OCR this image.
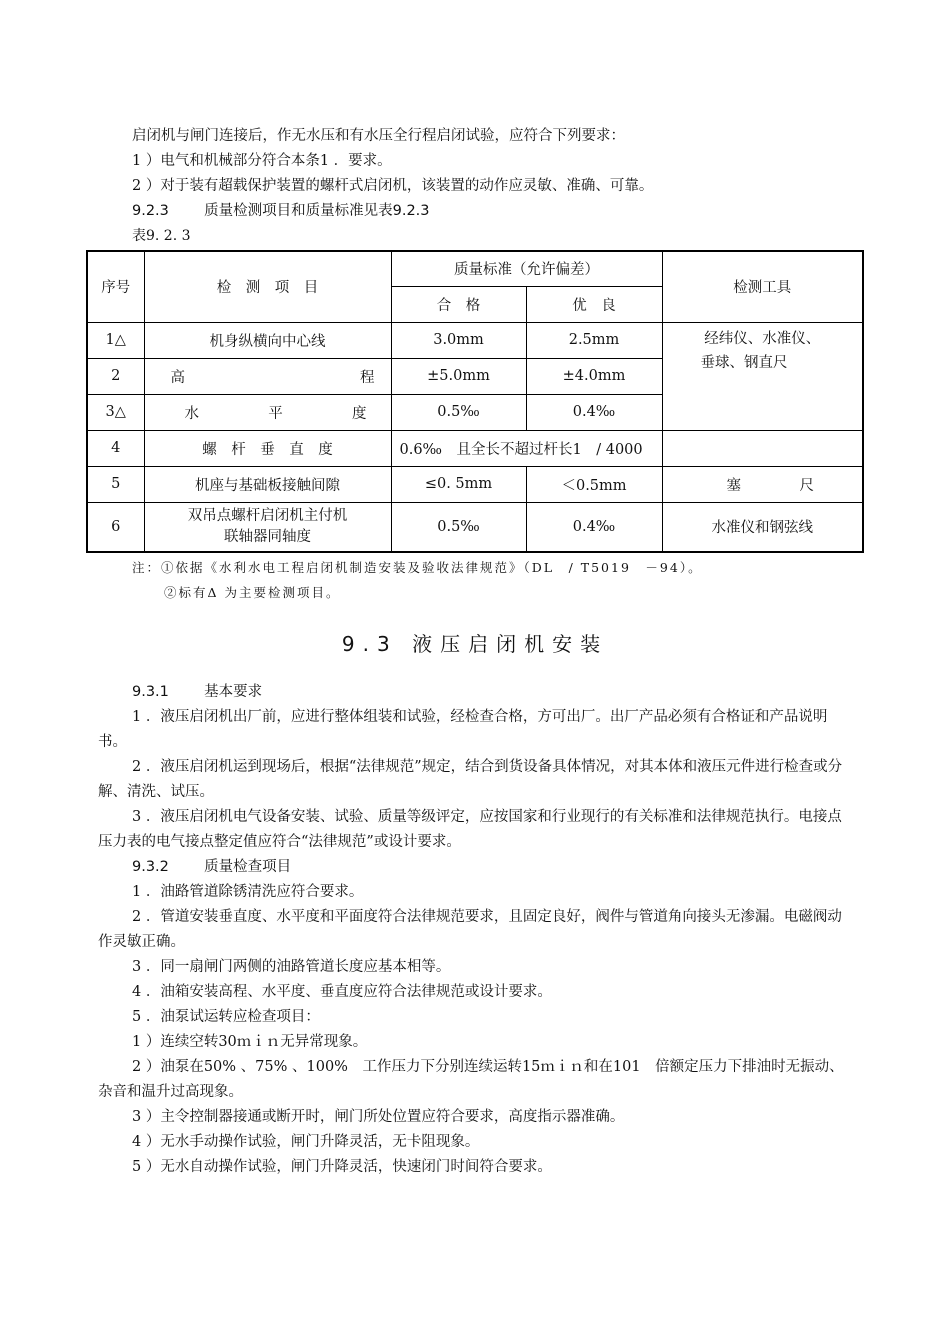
启闭机与闸门连接后，作无水压和有水压全行程启闭试验，应符合下列要求：
1 ）电气和机械部分符合本条1 ．要求。
2 ）对于装有超载保护装置的螺杆式启闭机，该装置的动作应灵敏、准确、可靠。
9.2.3 质量检测项目和质量标准见表9.2.3
表9. 2. 3
序号	检　测　项　目	质量标准（允许偏差）		检测工具
		合　格	优　良	
1△	机身纵横向中心线	3.0mm	2.5mm	经纬仪、水准仪、
垂球、钢直尺

2	高 程	±5.0mm	±4.0mm	
3△	水 平 度	0.5‰	0.4‰	
4	螺　杆　垂　直　度	0.6‰　且全长不超过杆长1　/ 4000		
5	机座与基础板接触间隙	≤0. 5mm	＜0.5mm	塞 尺

6	双吊点螺杆启闭机主付机
联轴器同轴度	0.5‰	0.4‰	水准仪和钢弦线
注：①依据《水利水电工程启闭机制造安装及验收法律规范》（DL　/ T5019　－94）。
②标有Δ 为主要检测项目。
9.3 液压启闭机安装
9.3.1 基本要求
1 ．液压启闭机出厂前，应进行整体组装和试验，经检查合格，方可出厂。出厂产品必须有合格证和产品说明书。
2 ．液压启闭机运到现场后，根据“法律规范”规定，结合到货设备具体情况，对其本体和液压元件进行检查或分解、清洗、试压。
3 ．液压启闭机电气设备安装、试验、质量等级评定，应按国家和行业现行的有关标准和法律规范执行。电接点压力表的电气接点整定值应符合“法律规范”或设计要求。
9.3.2 质量检查项目
1 ．油路管道除锈清洗应符合要求。
2 ．管道安装垂直度、水平度和平面度符合法律规范要求，且固定良好，阀件与管道角向接头无渗漏。电磁阀动作灵敏正确。
3 ．同一扇闸门两侧的油路管道长度应基本相等。
4 ．油箱安装高程、水平度、垂直度应符合法律规范或设计要求。
5 ．油泵试运转应检查项目：
1 ）连续空转30ｍｉｎ无异常现象。
2 ）油泵在50% 、75% 、100%　工作压力下分别连续运转15ｍｉｎ和在101　倍额定压力下排油时无振动、杂音和温升过高现象。
3 ）主令控制器接通或断开时，闸门所处位置应符合要求，高度指示器准确。
4 ）无水手动操作试验，闸门升降灵活，无卡阻现象。
5 ）无水自动操作试验，闸门升降灵活，快速闭门时间符合要求。
